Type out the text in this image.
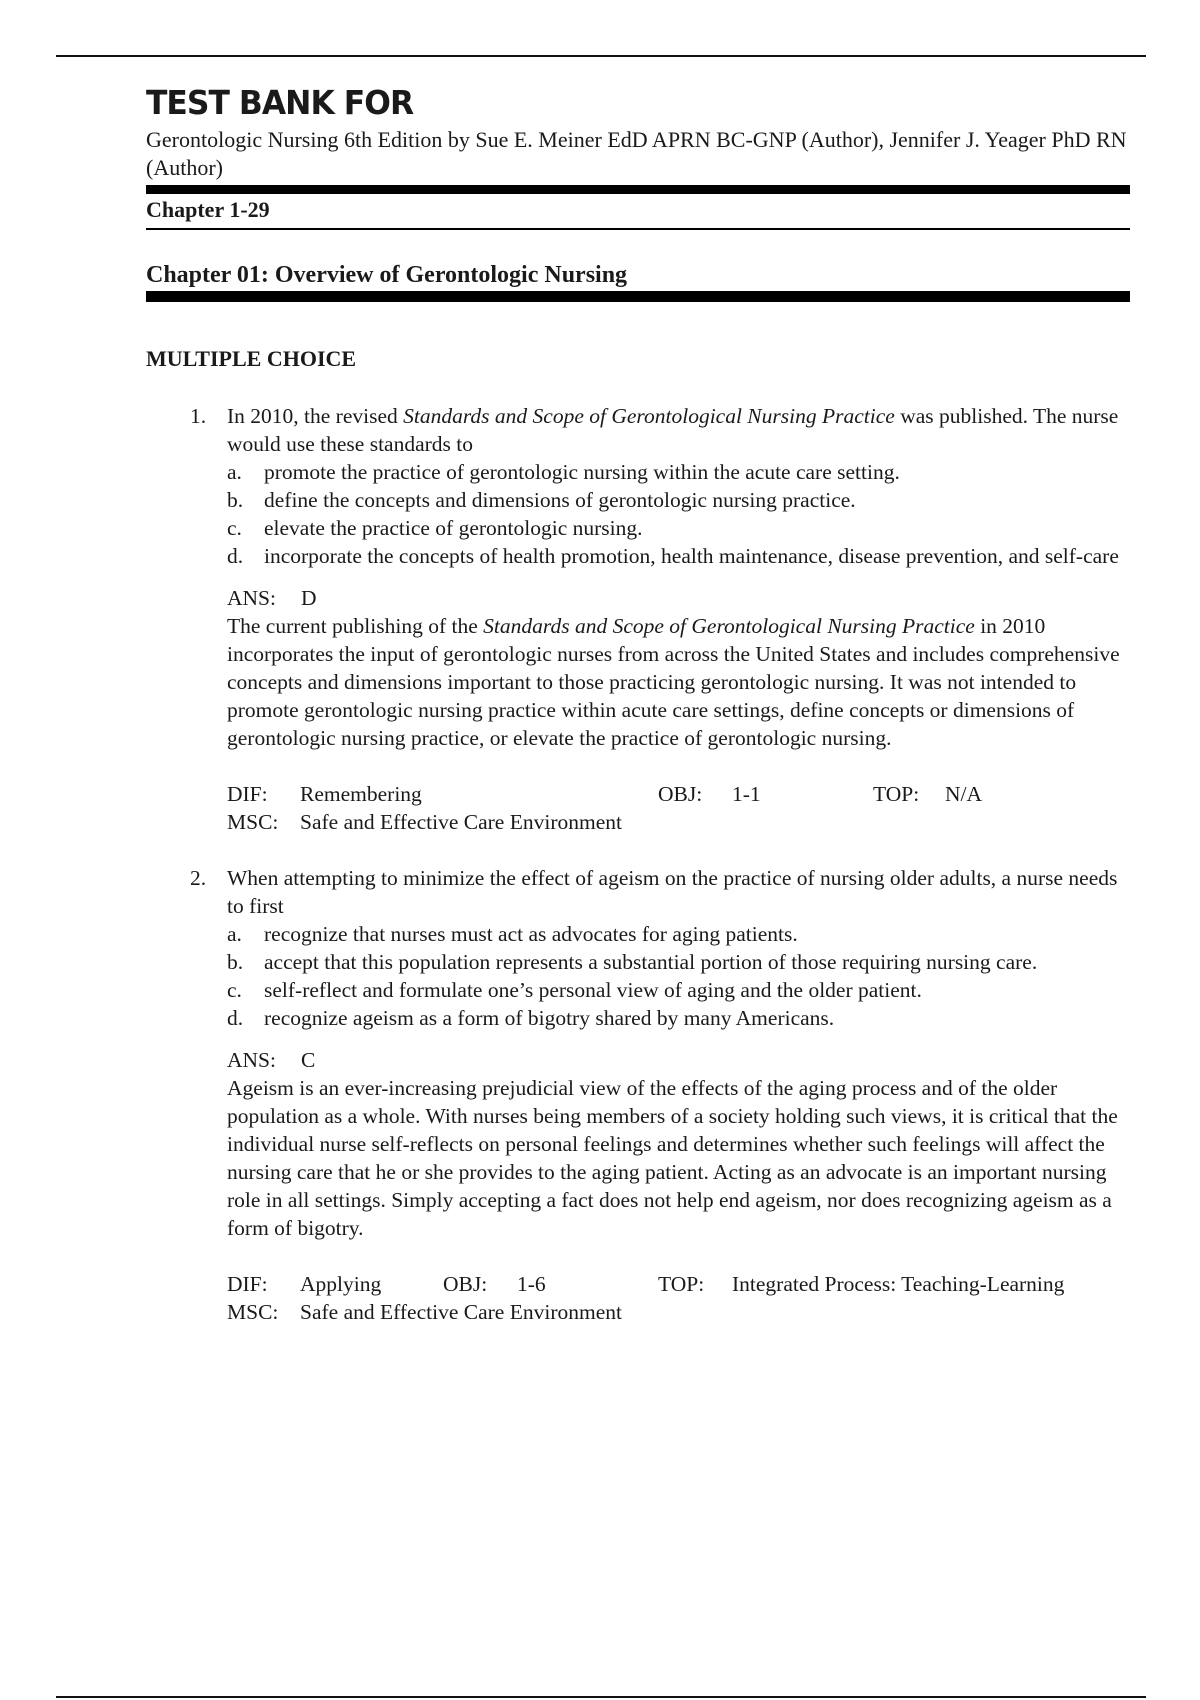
TEST BANK FOR
Gerontologic Nursing 6th Edition by Sue E. Meiner EdD APRN BC-GNP (Author), Jennifer J. Yeager PhD RN (Author)
Chapter 1-29
Chapter 01: Overview of Gerontologic Nursing
MULTIPLE CHOICE
1. In 2010, the revised Standards and Scope of Gerontological Nursing Practice was published. The nurse would use these standards to
a. promote the practice of gerontologic nursing within the acute care setting.
b. define the concepts and dimensions of gerontologic nursing practice.
c. elevate the practice of gerontologic nursing.
d. incorporate the concepts of health promotion, health maintenance, disease prevention, and self-care
ANS: D
The current publishing of the Standards and Scope of Gerontological Nursing Practice in 2010 incorporates the input of gerontologic nurses from across the United States and includes comprehensive concepts and dimensions important to those practicing gerontologic nursing. It was not intended to promote gerontologic nursing practice within acute care settings, define concepts or dimensions of gerontologic nursing practice, or elevate the practice of gerontologic nursing.
DIF: Remembering	OBJ: 1-1	TOP: N/A
MSC: Safe and Effective Care Environment
2. When attempting to minimize the effect of ageism on the practice of nursing older adults, a nurse needs to first
a. recognize that nurses must act as advocates for aging patients.
b. accept that this population represents a substantial portion of those requiring nursing care.
c. self-reflect and formulate one’s personal view of aging and the older patient.
d. recognize ageism as a form of bigotry shared by many Americans.
ANS: C
Ageism is an ever-increasing prejudicial view of the effects of the aging process and of the older population as a whole. With nurses being members of a society holding such views, it is critical that the individual nurse self-reflects on personal feelings and determines whether such feelings will affect the nursing care that he or she provides to the aging patient. Acting as an advocate is an important nursing role in all settings. Simply accepting a fact does not help end ageism, nor does recognizing ageism as a form of bigotry.
DIF: Applying	OBJ: 1-6	TOP: Integrated Process: Teaching-Learning
MSC: Safe and Effective Care Environment
